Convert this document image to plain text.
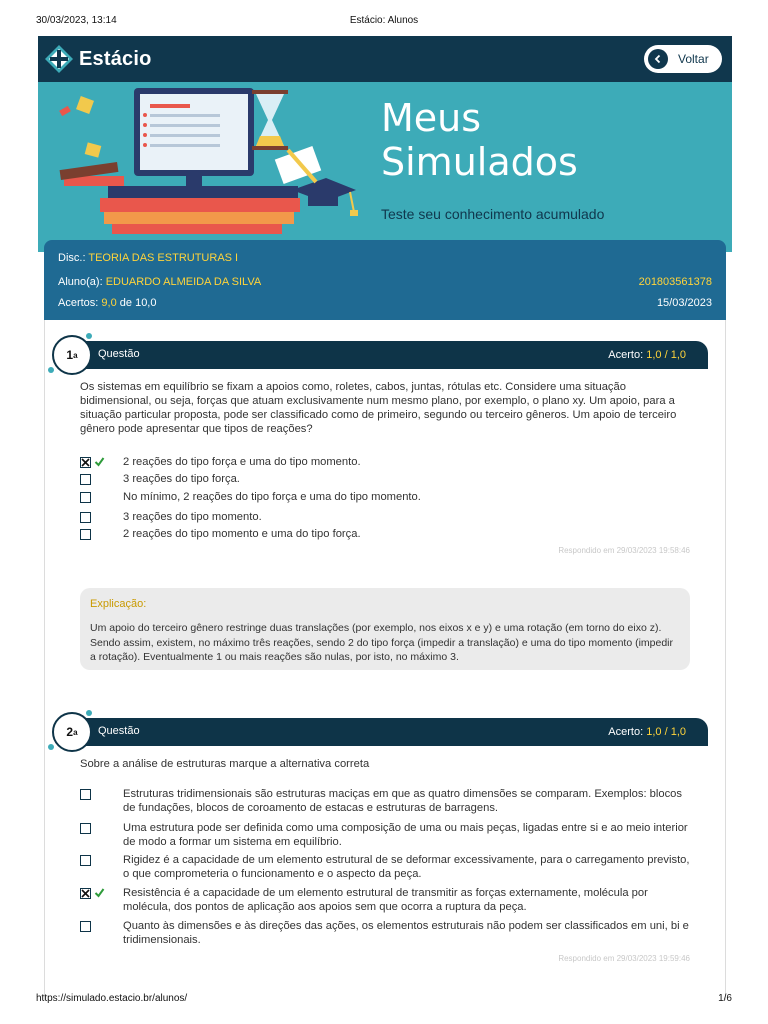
30/03/2023, 13:14	Estácio: Alunos
Estácio	Voltar
Meus
Simulados
Teste seu conhecimento acumulado
Disc.: TEORIA DAS ESTRUTURAS I
Aluno(a): EDUARDO ALMEIDA DA SILVA	201803561378
Acertos: 9,0 de 10,0	15/03/2023
1 a Questão	Acerto: 1,0 / 1,0
Os sistemas em equilíbrio se fixam a apoios como, roletes, cabos, juntas, rótulas etc. Considere uma situação bidimensional, ou seja, forças que atuam exclusivamente num mesmo plano, por exemplo, o plano xy. Um apoio, para a situação particular proposta, pode ser classificado como de primeiro, segundo ou terceiro gêneros. Um apoio de terceiro gênero pode apresentar que tipos de reações?
2 reações do tipo força e uma do tipo momento.
3 reações do tipo força.
No mínimo, 2 reações do tipo força e uma do tipo momento.
3 reações do tipo momento.
2 reações do tipo momento e uma do tipo força.
Respondido em 29/03/2023 19:58:46
Explicação:
Um apoio do terceiro gênero restringe duas translações (por exemplo, nos eixos x e y) e uma rotação (em torno do eixo z). Sendo assim, existem, no máximo três reações, sendo 2 do tipo força (impedir a translação) e uma do tipo momento (impedir a rotação). Eventualmente 1 ou mais reações são nulas, por isto, no máximo 3.
2 a Questão	Acerto: 1,0 / 1,0
Sobre a análise de estruturas marque a alternativa correta
Estruturas tridimensionais são estruturas maciças em que as quatro dimensões se comparam. Exemplos: blocos de fundações, blocos de coroamento de estacas e estruturas de barragens.
Uma estrutura pode ser definida como uma composição de uma ou mais peças, ligadas entre si e ao meio interior de modo a formar um sistema em equilíbrio.
Rigidez é a capacidade de um elemento estrutural de se deformar excessivamente, para o carregamento previsto, o que comprometeria o funcionamento e o aspecto da peça.
Resistência é a capacidade de um elemento estrutural de transmitir as forças externamente, molécula por molécula, dos pontos de aplicação aos apoios sem que ocorra a ruptura da peça.
Quanto às dimensões e às direções das ações, os elementos estruturais não podem ser classificados em uni, bi e tridimensionais.
Respondido em 29/03/2023 19:59:46
https://simulado.estacio.br/alunos/	1/6
